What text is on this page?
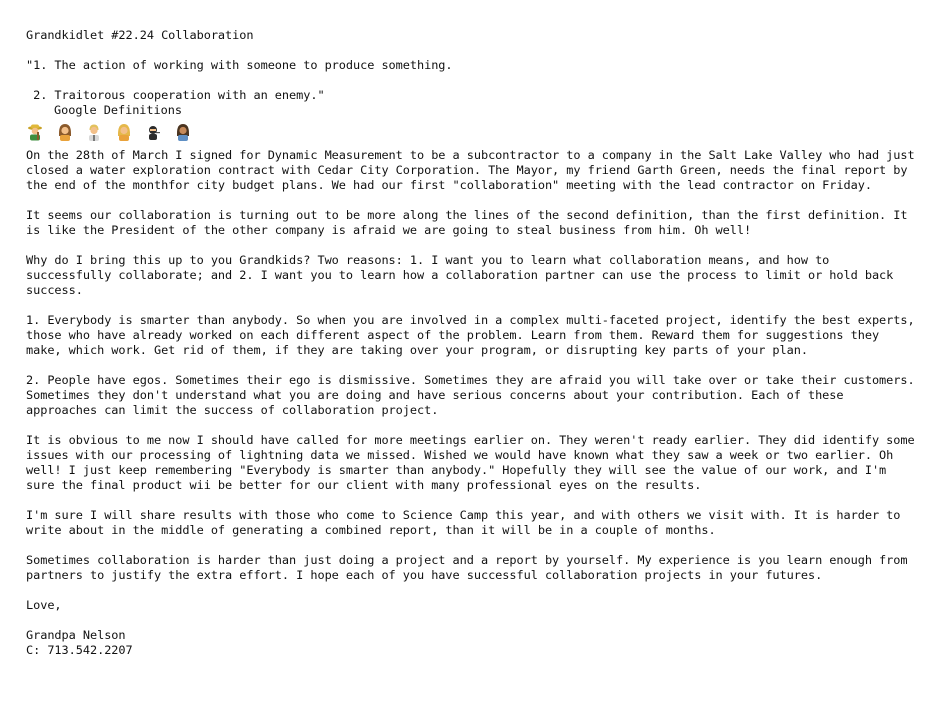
Grandkidlet #22.24 Collaboration
"1. The action of working with someone to produce something.
2. Traitorous cooperation with an enemy."
Google Definitions
On the 28th of March I signed for Dynamic Measurement to be a subcontractor to a company in the Salt Lake Valley who had just closed a water exploration contract with Cedar City Corporation. The Mayor, my friend Garth Green, needs the final report by the end of the monthfor city budget plans. We had our first "collaboration" meeting with the lead contractor on Friday.
It seems our collaboration is turning out to be more along the lines of the second definition, than the first definition. It is like the President of the other company is afraid we are going to steal business from him. Oh well!
Why do I bring this up to you Grandkids? Two reasons: 1. I want you to learn what collaboration means, and how to successfully collaborate; and 2. I want you to learn how a collaboration partner can use the process to limit or hold back success.
1. Everybody is smarter than anybody. So when you are involved in a complex multi-faceted project, identify the best experts, those who have already worked on each different aspect of the problem. Learn from them. Reward them for suggestions they make, which work. Get rid of them, if they are taking over your program, or disrupting key parts of your plan.
2. People have egos. Sometimes their ego is dismissive. Sometimes they are afraid you will take over or take their customers. Sometimes they don't understand what you are doing and have serious concerns about your contribution. Each of these approaches can limit the success of collaboration project.
It is obvious to me now I should have called for more meetings earlier on. They weren't ready earlier. They did identify some issues with our processing of lightning data we missed. Wished we would have known what they saw a week or two earlier. Oh well! I just keep remembering "Everybody is smarter than anybody." Hopefully they will see the value of our work, and I'm sure the final product wii be better for our client with many professional eyes on the results.
I'm sure I will share results with those who come to Science Camp this year, and with others we visit with. It is harder to write about in the middle of generating a combined report, than it will be in a couple of months.
Sometimes collaboration is harder than just doing a project and a report by yourself. My experience is you learn enough from partners to justify the extra effort. I hope each of you have successful collaboration projects in your futures.
Love,
Grandpa Nelson
C: 713.542.2207
